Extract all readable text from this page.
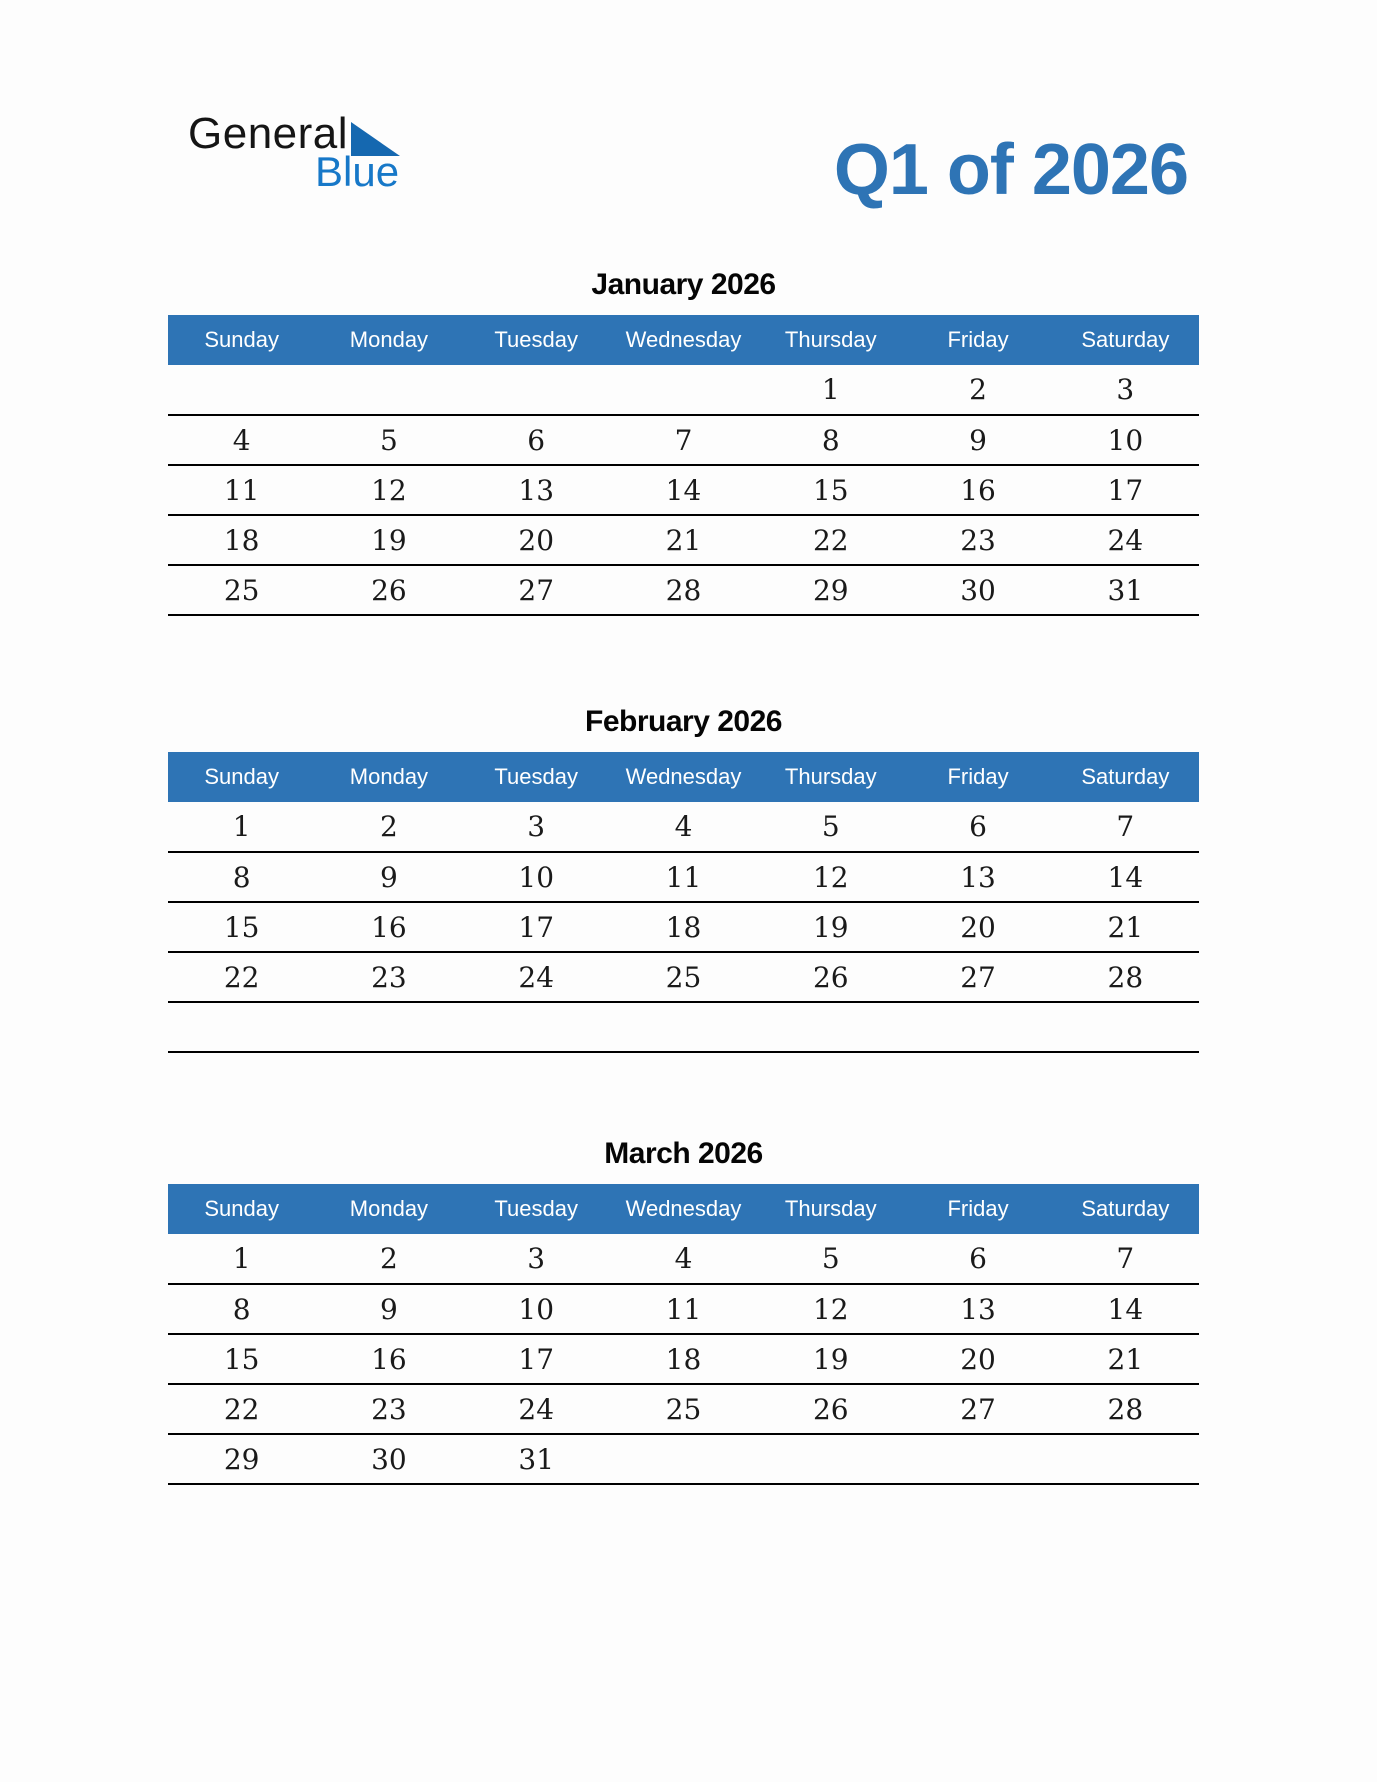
General
Blue	Q1 of 2026
January 2026
Sunday	Monday	Tuesday	Wednesday	Thursday	Friday	Saturday
				1	2	3
4	5	6	7	8	9	10
11	12	13	14	15	16	17
18	19	20	21	22	23	24
25	26	27	28	29	30	31
February 2026
Sunday	Monday	Tuesday	Wednesday	Thursday	Friday	Saturday
1	2	3	4	5	6	7
8	9	10	11	12	13	14
15	16	17	18	19	20	21
22	23	24	25	26	27	28

March 2026
Sunday	Monday	Tuesday	Wednesday	Thursday	Friday	Saturday
1	2	3	4	5	6	7
8	9	10	11	12	13	14
15	16	17	18	19	20	21
22	23	24	25	26	27	28
29	30	31				
